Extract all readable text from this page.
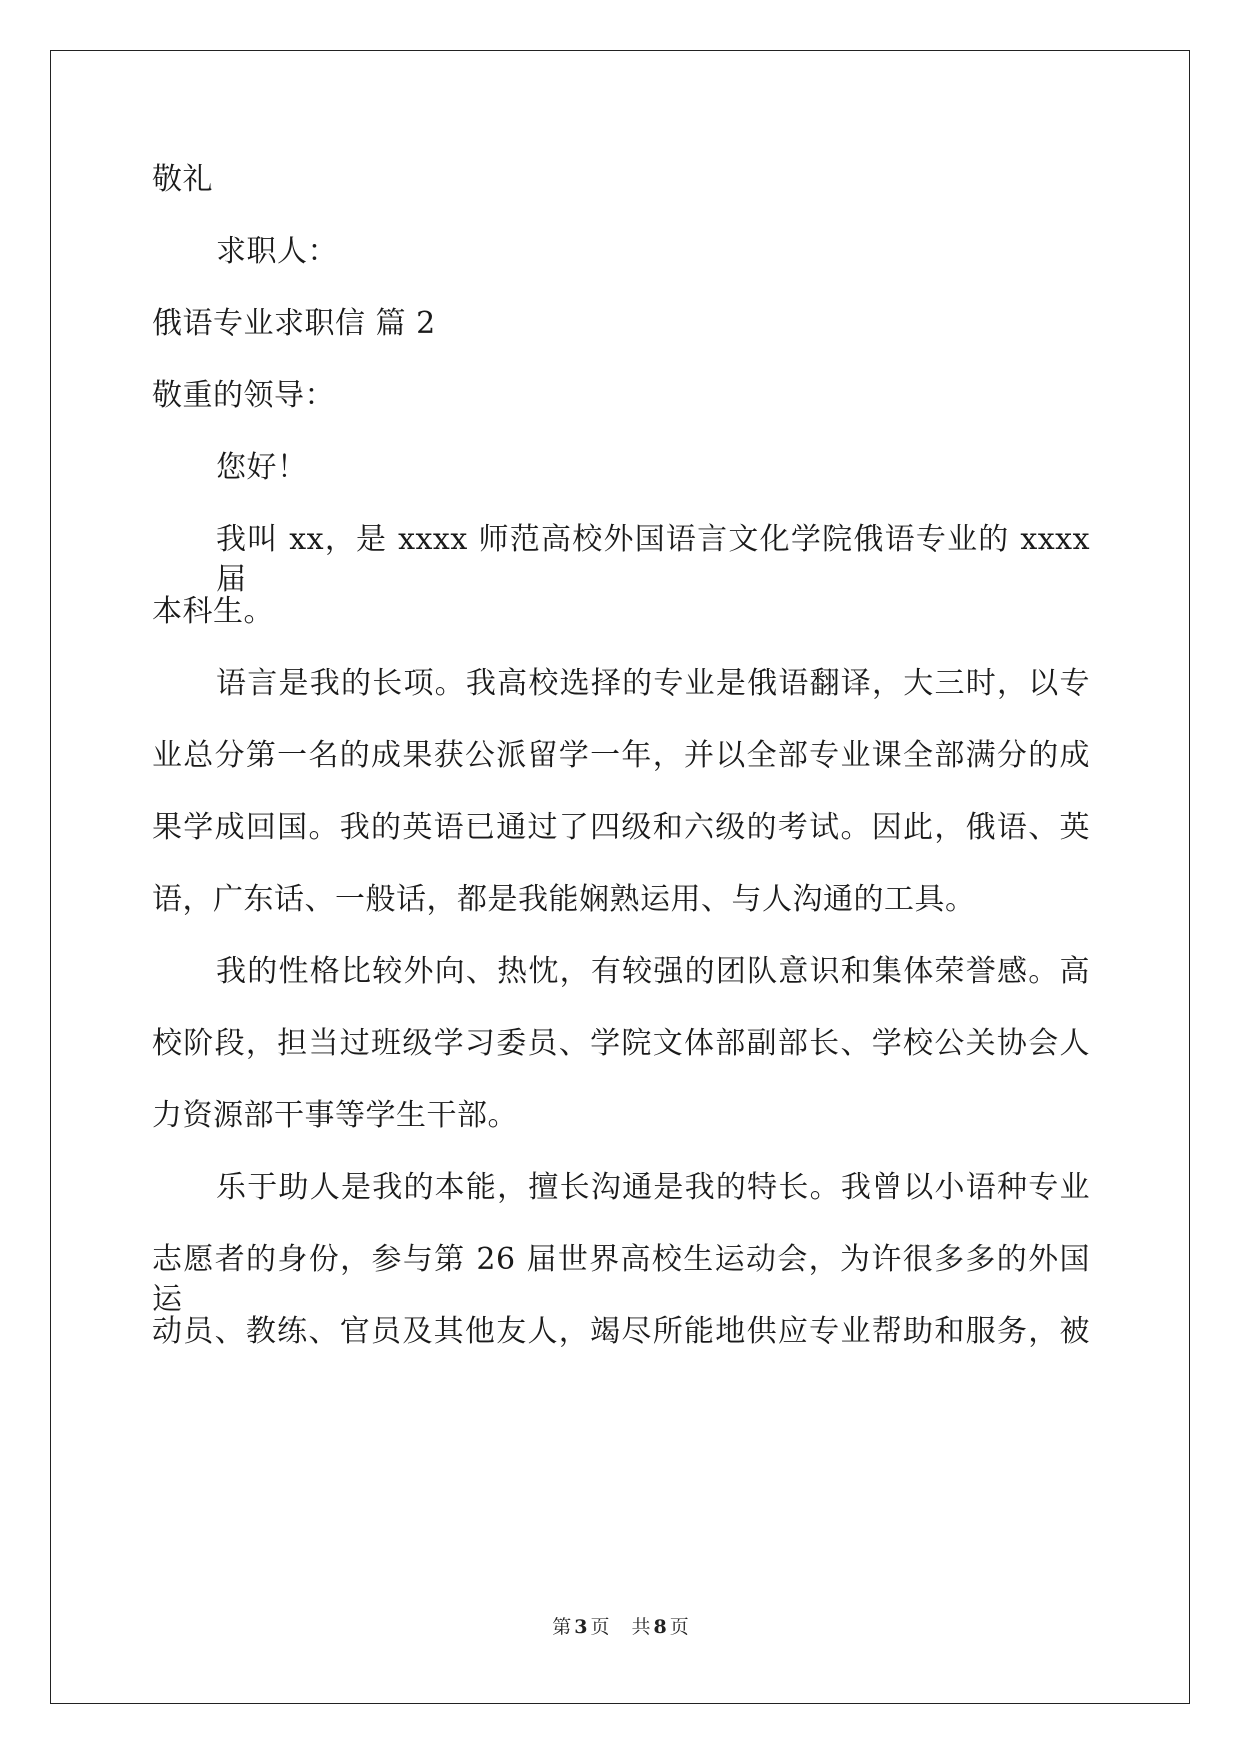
敬礼
求职人：
俄语专业求职信 篇 2
敬重的领导：
您好！
我叫 xx，是 xxxx 师范高校外国语言文化学院俄语专业的 xxxx 届
本科生。
语言是我的长项。我高校选择的专业是俄语翻译，大三时，以专
业总分第一名的成果获公派留学一年，并以全部专业课全部满分的成
果学成回国。我的英语已通过了四级和六级的考试。因此，俄语、英
语，广东话、一般话，都是我能娴熟运用、与人沟通的工具。
我的性格比较外向、热忱，有较强的团队意识和集体荣誉感。高
校阶段，担当过班级学习委员、学院文体部副部长、学校公关协会人
力资源部干事等学生干部。
乐于助人是我的本能，擅长沟通是我的特长。我曾以小语种专业
志愿者的身份，参与第 26 届世界高校生运动会，为许很多多的外国运
动员、教练、官员及其他友人，竭尽所能地供应专业帮助和服务，被
第 3 页 共 8 页
